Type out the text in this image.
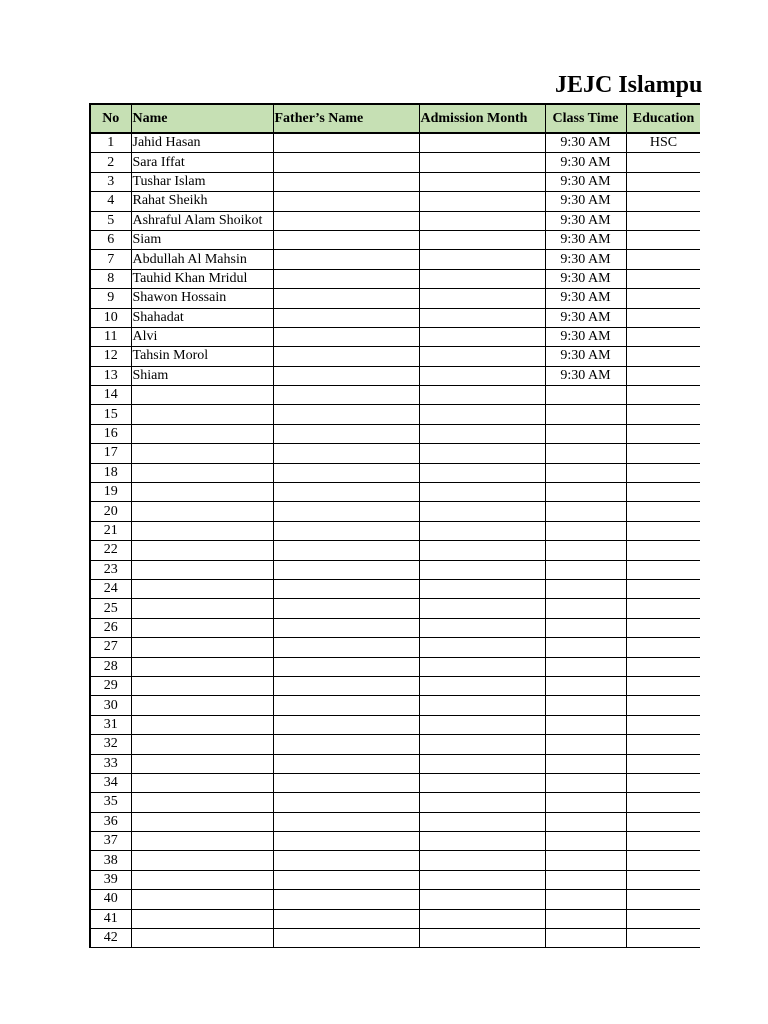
JEJC Islampu
No	Name	Father’s Name	Admission Month	Class Time	Education
1	Jahid Hasan			9:30 AM	HSC
2	Sara Iffat			9:30 AM	
3	Tushar Islam			9:30 AM	
4	Rahat Sheikh			9:30 AM	
5	Ashraful Alam Shoikot			9:30 AM	
6	Siam			9:30 AM	
7	Abdullah Al Mahsin			9:30 AM	
8	Tauhid Khan Mridul			9:30 AM	
9	Shawon Hossain			9:30 AM	
10	Shahadat			9:30 AM	
11	Alvi			9:30 AM	
12	Tahsin Morol			9:30 AM	
13	Shiam			9:30 AM	
14					
15					
16					
17					
18					
19					
20					
21					
22					
23					
24					
25					
26					
27					
28					
29					
30					
31					
32					
33					
34					
35					
36					
37					
38					
39					
40					
41					
42					
